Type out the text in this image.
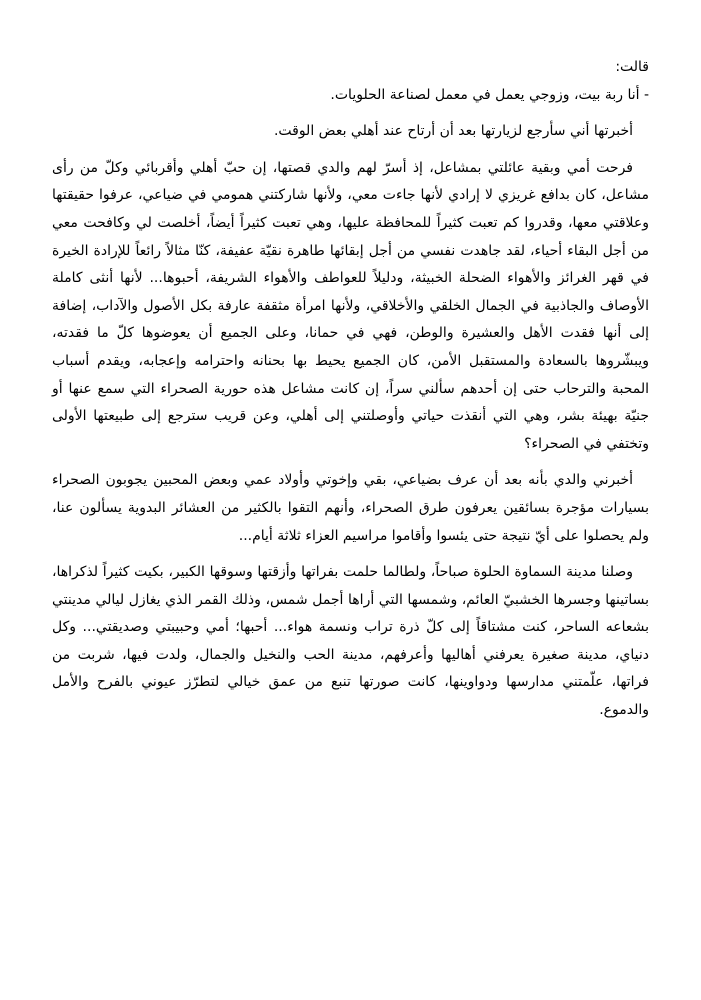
قالت:

- أنا ربة بيت، وزوجي يعمل في معمل لصناعة الحلويات.

أخبرتها أني سأرجع لزيارتها بعد أن أرتاح عند أهلي بعض الوقت.

فرحت أمي وبقية عائلتي بمشاعل، إذ أسرّ لهم والدي قصتها، إن حبّ أهلي وأقربائي وكلّ من رأى مشاعل، كان بدافع غريزي لا إرادي لأنها جاءت معي، ولأنها شاركتني همومي في ضياعي، عرفوا حقيقتها وعلاقتي معها، وقدروا كم تعبت كثيراً للمحافظة عليها، وهي تعبت كثيراً أيضاً، أخلصت لي وكافحت معي من أجل البقاء أحياء، لقد جاهدت نفسي من أجل إبقائها طاهرة نقيّة عفيفة، كنّا مثالاً رائعاً للإرادة الخيرة في قهر الغرائز والأهواء الضحلة الخبيثة، ودليلاً للعواطف والأهواء الشريفة، أحبوها... لأنها أنثى كاملة الأوصاف والجاذبية في الجمال الخلقي والأخلاقي، ولأنها امرأة مثقفة عارفة بكل الأصول والآداب، إضافة إلى أنها فقدت الأهل والعشيرة والوطن، فهي في حمانا، وعلى الجميع أن يعوضوها كلّ ما فقدته، ويبشّروها بالسعادة والمستقبل الأمن، كان الجميع يحيط بها بحنانه واحترامه وإعجابه، ويقدم أسباب المحبة والترحاب حتى إن أحدهم سألني سراً، إن كانت مشاعل هذه حورية الصحراء التي سمع عنها أو جنيّة بهيئة بشر، وهي التي أنقذت حياتي وأوصلتني إلى أهلي، وعن قريب سترجع إلى طبيعتها الأولى وتختفي في الصحراء؟

أخبرني والدي بأنه بعد أن عرف بضياعي، بقي وإخوتي وأولاد عمي وبعض المحبين يجوبون الصحراء بسيارات مؤجرة بسائقين يعرفون طرق الصحراء، وأنهم التقوا بالكثير من العشائر البدوية يسألون عنا، ولم يحصلوا على أيّ نتيجة حتى يئسوا وأقاموا مراسيم العزاء ثلاثة أيام...

وصلنا مدينة السماوة الحلوة صباحاً، ولطالما حلمت بفراتها وأزقتها وسوقها الكبير، بكيت كثيراً لذكراها، بساتينها وجسرها الخشبيّ العائم، وشمسها التي أراها أجمل شمس، وذلك القمر الذي يغازل ليالي مدينتي بشعاعه الساحر، كنت مشتاقاً إلى كلّ ذرة تراب ونسمة هواء... أحبها؛ أمي وحبيبتي وصديقتي... وكل دنياي، مدينة صغيرة يعرفني أهاليها وأعرفهم، مدينة الحب والنخيل والجمال، ولدت فيها، شربت من فراتها، علّمتني مدارسها ودواوينها، كانت صورتها تنبع من عمق خيالي لتطرّز عيوني بالفرح والأمل والدموع.
